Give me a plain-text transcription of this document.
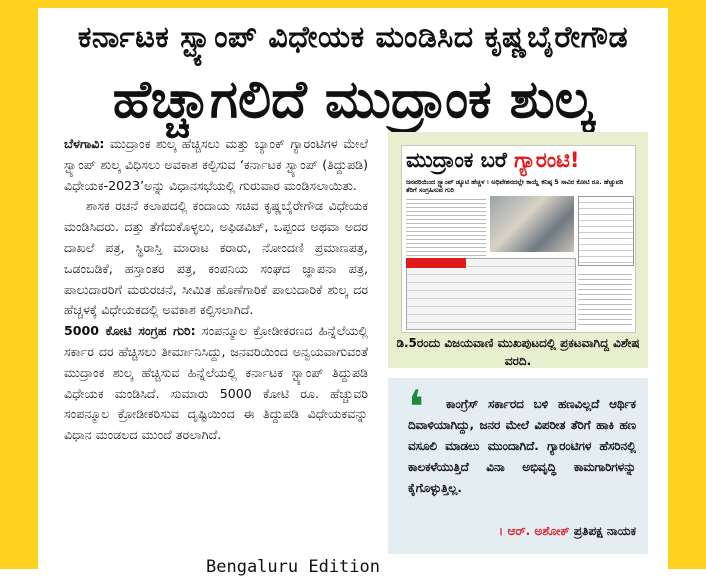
ಕರ್ನಾಟಕ ಸ್ಟ್ಯಾಂಪ್ ವಿಧೇಯಕ ಮಂಡಿಸಿದ ಕೃಷ್ಣಬೈರೇಗೌಡ
ಹೆಚ್ಚಾಗಲಿದೆ ಮುದ್ರಾಂಕ ಶುಲ್ಕ

ಬೆಳಗಾವಿ: ಮುದ್ರಾಂಕ ಶುಲ್ಕ ಹೆಚ್ಚಿಸಲು ಮತ್ತು ಬ್ಯಾಂಕ್ ಗ್ಯಾರಂಟಿಗಳ ಮೇಲೆ ಸ್ಟ್ಯಾಂಪ್ ಶುಲ್ಕ ವಿಧಿಸಲು ಅವಕಾಶ ಕಲ್ಪಿಸುವ ‘ಕರ್ನಾಟಕ ಸ್ಟ್ಯಾಂಪ್ (ತಿದ್ದುಪಡಿ) ವಿಧೇಯಕ-2023’ಅನ್ನು ವಿಧಾನಸಭೆಯಲ್ಲಿ ಗುರುವಾರ ಮಂಡಿಸಲಾಯಿತು.

ಶಾಸಕ ರಚನೆ ಕಲಾಪದಲ್ಲಿ ಕಂದಾಯ ಸಚಿವ ಕೃಷ್ಣಬೈರೇಗೌಡ ವಿಧೇಯಕ ಮಂಡಿಸಿದರು. ದತ್ತು ತೆಗೆದುಕೊಳ್ಳಲು, ಅಫಿಡವಿಟ್, ಒಪ್ಪಂದ ಅಥವಾ ಅದರ ದಾಖಲೆ ಪತ್ರ, ಸ್ಥಿರಾಸ್ತಿ ಮಾರಾಟ ಕರಾರು, ನೋಂದಣಿ ಪ್ರಮಾಣಪತ್ರ, ಒಡಂಬಡಿಕೆ, ಹಸ್ತಾಂತರ ಪತ್ರ, ಕಂಪನಿಯ ಸಂಘದ ಜ್ಞಾಪನಾ ಪತ್ರ, ಪಾಲುದಾರರಿಗೆ ಮರುರಚನೆ, ಸೀಮಿತ ಹೊಣೆಗಾರಿಕೆ ಪಾಲುದಾರಿಕೆ ಶುಲ್ಕ ದರ ಹೆಚ್ಚಳಕ್ಕೆ ವಿಧೇಯಕದಲ್ಲಿ ಅವಕಾಶ ಕಲ್ಪಿಸಲಾಗಿದೆ.

5000 ಕೋಟಿ ಸಂಗ್ರಹ ಗುರಿ: ಸಂಪನ್ಮೂಲ ಕ್ರೋಡೀಕರಣದ ಹಿನ್ನೆಲೆಯಲ್ಲಿ ಸರ್ಕಾರ ದರ ಹೆಚ್ಚಿಸಲು ತೀರ್ಮಾನಿಸಿದ್ದು, ಜನವರಿಯಿಂದ ಅನ್ವಯವಾಗುವಂತೆ ಮುದ್ರಾಂಕ ಶುಲ್ಕ ಹೆಚ್ಚಿಸುವ ಹಿನ್ನೆಲೆಯಲ್ಲಿ ಕರ್ನಾಟಕ ಸ್ಟ್ಯಾಂಪ್ ತಿದ್ದುಪಡಿ ವಿಧೇಯಕ ಮಂಡಿಸಿದೆ. ಸುಮಾರು 5000 ಕೋಟಿ ರೂ. ಹೆಚ್ಚುವರಿ ಸಂಪನ್ಮೂಲ ಕ್ರೋಡೀಕರಿಸುವ ದೃಷ್ಟಿಯಿಂದ ಈ ತಿದ್ದುಪಡಿ ವಿಧೇಯಕವನ್ನು ವಿಧಾನ ಮಂಡಲದ ಮುಂದೆ ತರಲಾಗಿದೆ.

ಮುದ್ರಾಂಕ ಬರೆ ಗ್ಯಾರಂಟಿ!
ಜನವರಿಯಿಂದ ಸ್ಟ್ಯಾಂಪ್ ಡ್ಯೂಟಿ ಹೆಚ್ಚಳ । ಅಧಿವೇಶನದಲ್ಲೇ ಕಾಯ್ದೆ ಕನಿಷ್ಠ 5 ಸಾವಿರ ಕೋಟಿ ರೂ. ಹೆಚ್ಚುವರಿ ತೆರಿಗೆ ಸಂಗ್ರಹಿಸುವ ಗುರಿ
ಡಿ.5ರಂದು ವಿಜಯವಾಣಿ ಮುಖಪುಟದಲ್ಲಿ ಪ್ರಕಟವಾಗಿದ್ದ ವಿಶೇಷ ವರದಿ.
❛	ಕಾಂಗ್ರೆಸ್ ಸರ್ಕಾರದ ಬಳಿ ಹಣವಿಲ್ಲದೆ ಆರ್ಥಿಕ ದಿವಾಳಿಯಾಗಿದ್ದು, ಜನರ ಮೇಲೆ ವಿಪರೀತ ತೆರಿಗೆ ಹಾಕಿ ಹಣ ವಸೂಲಿ ಮಾಡಲು ಮುಂದಾಗಿದೆ. ಗ್ಯಾರಂಟಿಗಳ ಹೆಸರಿನಲ್ಲಿ ಕಾಲಕಳೆಯುತ್ತಿದೆ ವಿನಾ ಅಭಿವೃದ್ಧಿ ಕಾಮಗಾರಿಗಳನ್ನು ಕೈಗೊಳ್ಳುತ್ತಿಲ್ಲ.
। ಆರ್. ಅಶೋಕ್ ಪ್ರತಿಪಕ್ಷ ನಾಯಕ
Bengaluru Edition
